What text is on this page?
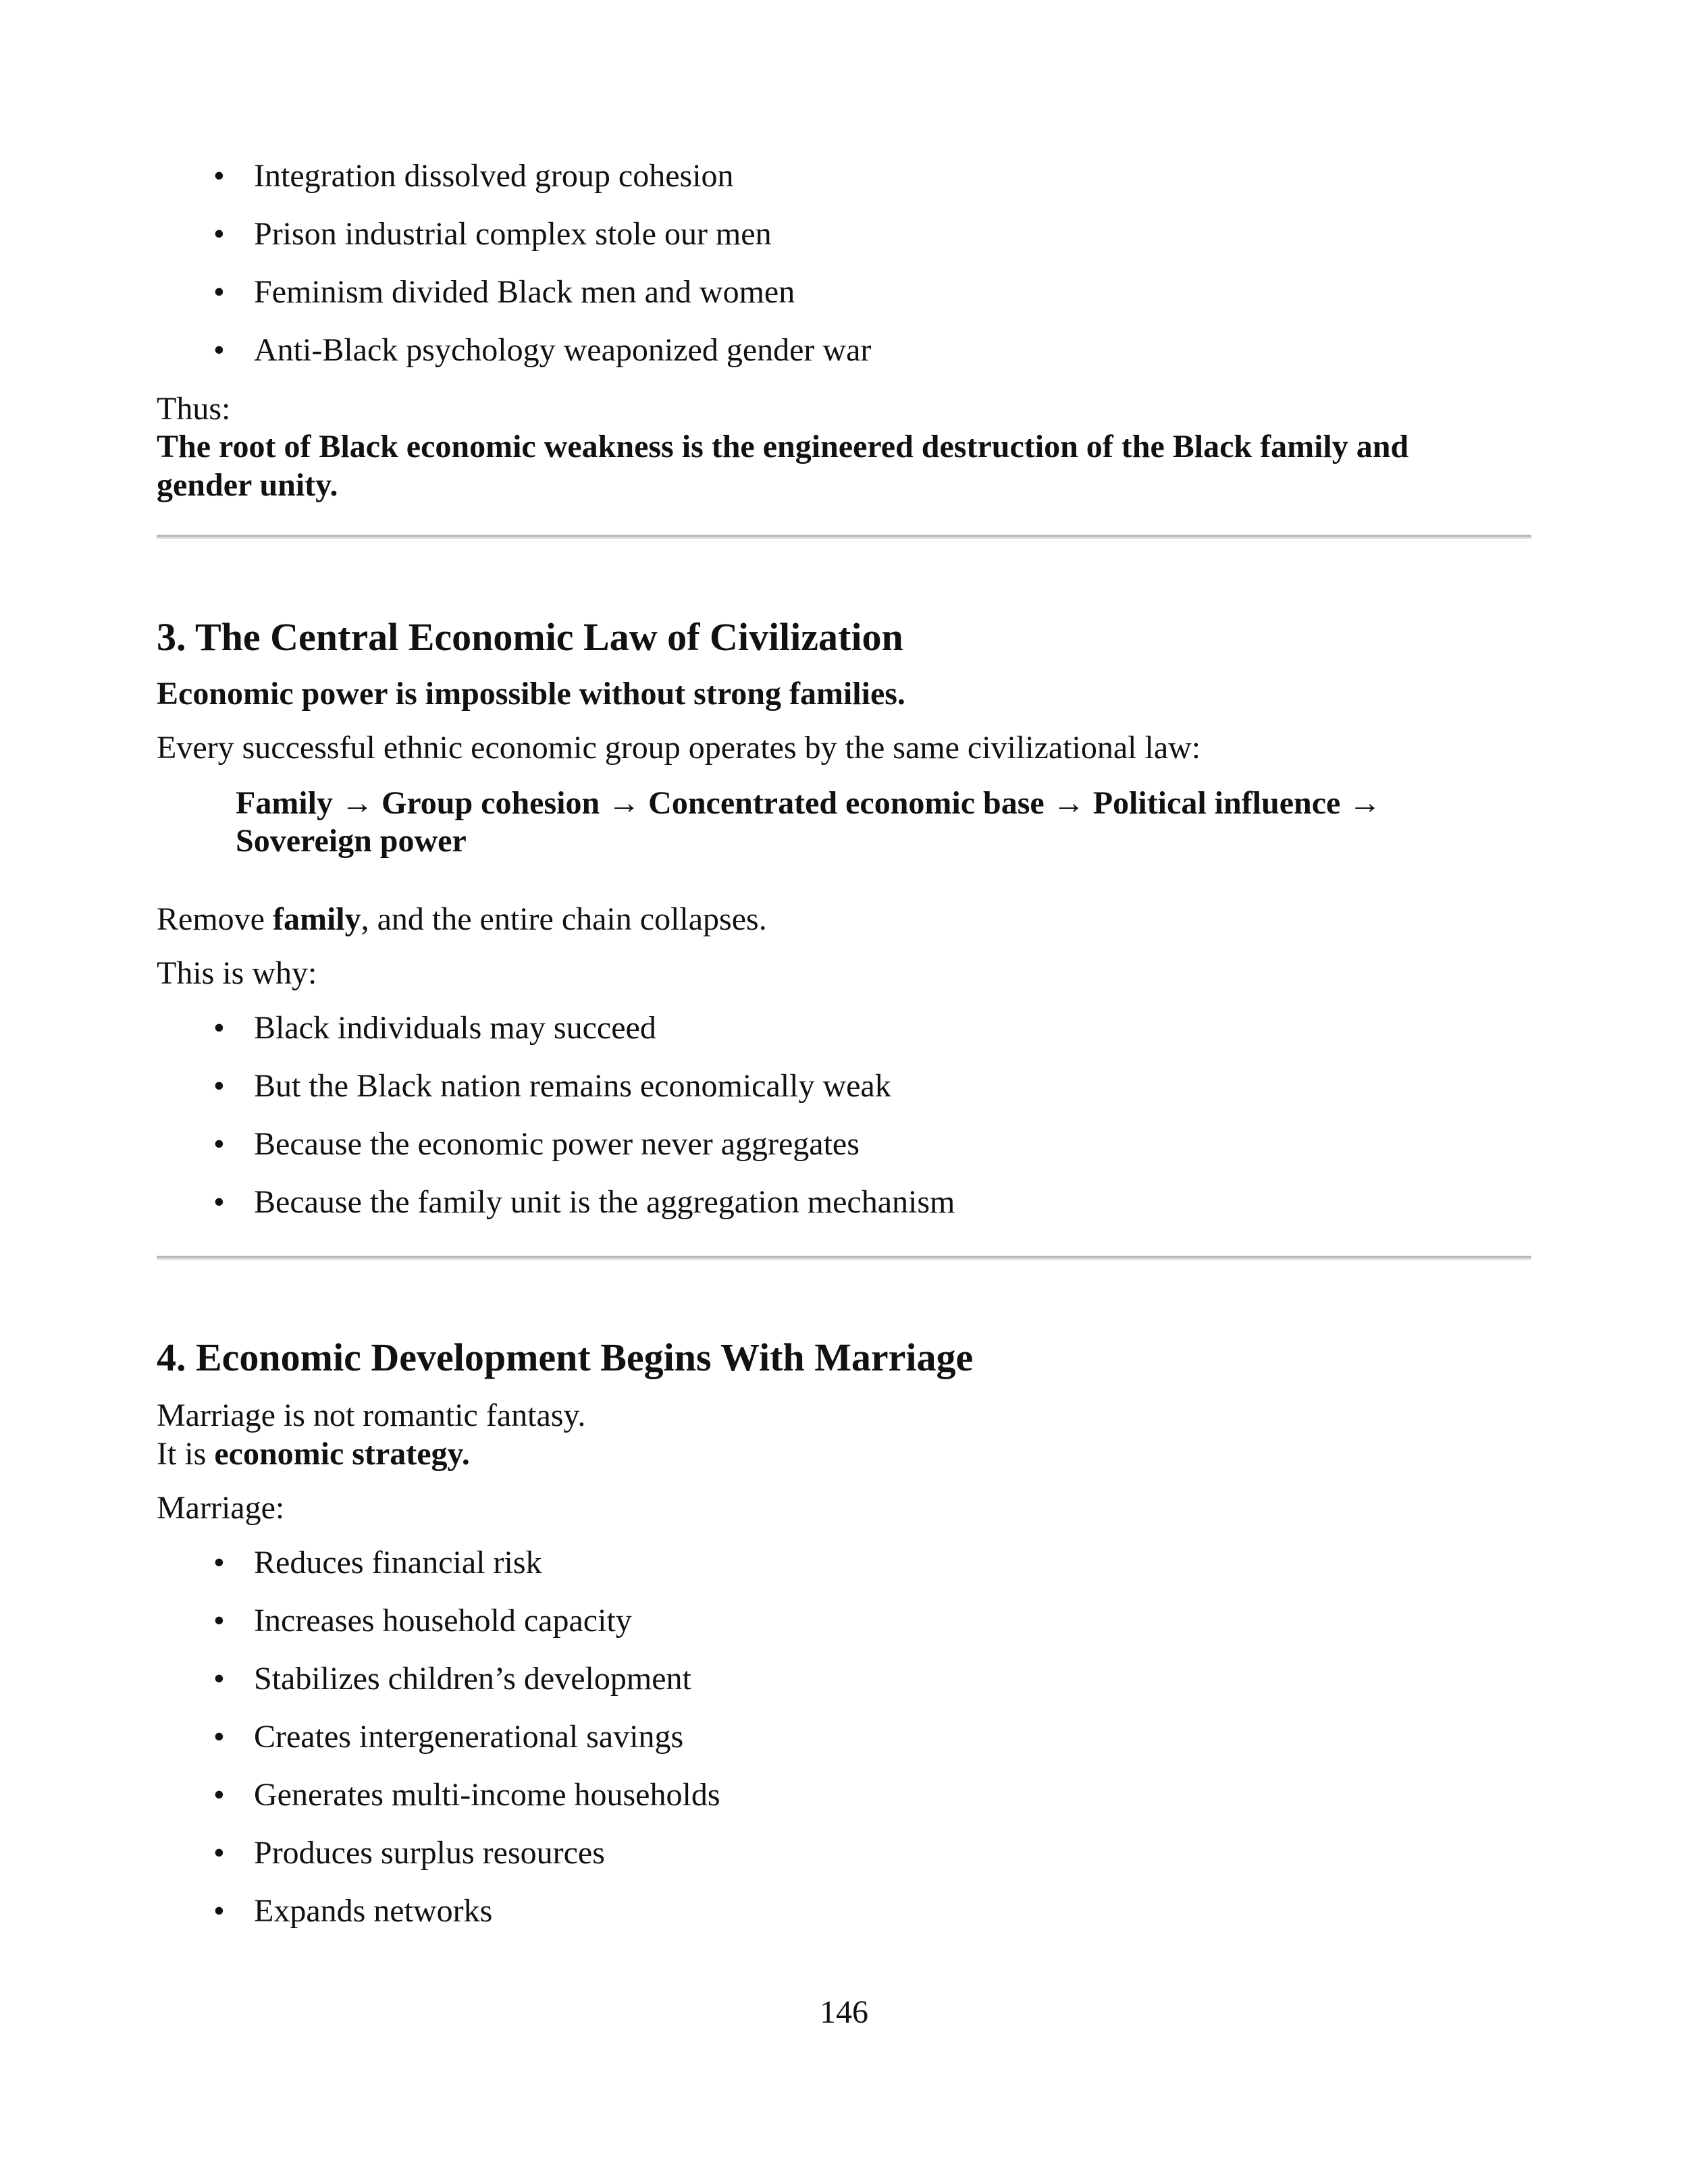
• Integration dissolved group cohesion
• Prison industrial complex stole our men
• Feminism divided Black men and women
• Anti-Black psychology weaponized gender war
Thus:
The root of Black economic weakness is the engineered destruction of the Black family and
gender unity.
3. The Central Economic Law of Civilization
Economic power is impossible without strong families.
Every successful ethnic economic group operates by the same civilizational law:
Family → Group cohesion → Concentrated economic base → Political influence →
Sovereign power
Remove family, and the entire chain collapses.
This is why:
• Black individuals may succeed
• But the Black nation remains economically weak
• Because the economic power never aggregates
• Because the family unit is the aggregation mechanism
4. Economic Development Begins With Marriage
Marriage is not romantic fantasy.
It is economic strategy.
Marriage:
• Reduces financial risk
• Increases household capacity
• Stabilizes children’s development
• Creates intergenerational savings
• Generates multi-income households
• Produces surplus resources
• Expands networks
146
